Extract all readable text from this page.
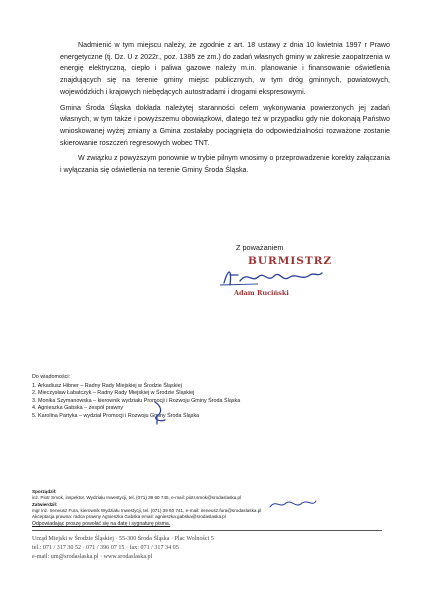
Nadmienić w tym miejscu należy, że zgodnie z art. 18 ustawy z dnia 10 kwietnia 1997 r Prawo energetyczne (tj. Dz. U z 2022r., poz. 1385 ze zm.) do zadań własnych gminy w zakresie zaopatrzenia w energię elektryczną, ciepło i paliwa gazowe należy m.in. planowanie i finansowanie oświetlenia znajdujących się na terenie gminy miejsc publicznych, w tym dróg gminnych, powiatowych, wojewódzkich i krajowych niebędących autostradami i drogami ekspresowymi.

Gmina Środa Śląska dokłada należytej staranności celem wykonywania powierzonych jej zadań własnych, w tym także i powyższemu obowiązkowi, dlatego też w przypadku gdy nie dokonają Państwo wnioskowanej wyżej zmiany a Gmina zostałaby pociągnięta do odpowiedzialności rozważone zostanie skierowanie roszczeń regresowych wobec TNT.

W związku z powyższym ponownie w trybie pilnym wnosimy o przeprowadzenie korekty załączania i wyłączania się oświetlenia na terenie Gminy Środa Śląska.

Z poważaniem
BURMISTRZ
Adam Ruciński
Do wiadomości:
1. Arkadiusz Hibner – Radny Rady Miejskiej w Środzie Śląskiej
2. Mieczysław Łabatczyk – Radny Rady Miejskiej w Środzie Śląskiej
3. Monika Szymanowska – kierownik wydziału Promocji i Rozwoju Gminy Środa Śląska
4. Agnieszka Gabska – zespół prawny
5. Karolina Partyka – wydział Promocji i Rozwoju Gminy Środa Śląska
Sporządził:
inż. Piotr Smok, inspektor. Wydziału Inwestycji, tel. (071) 39 60 745, e-mail: piotr.smok@srodaslaska.pl
Zatwierdził:
mgr inż. Ireneusz Fura, kierownik Wydziału Inwestycji, tel. (071) 39 60 741, e-mail: ireneusz.fura@srodaslaska.pl
Akceptacja prawna: radca prawny Agnieszka Gabska email: agnieszka.gabska@srodaslaska.pl
Odpowiadając proszę powołać się na datę i sygnaturę pisma.
Urząd Miejski w Środzie Śląskiej · 55-300 Środa Śląska · Plac Wolności 5
tel.: 071 / 317 30 52 · 071 / 396 07 15 · fax: 071 / 317 34 05
e-mail: um@srodaslaska.pl · www.srodaslaska.pl
